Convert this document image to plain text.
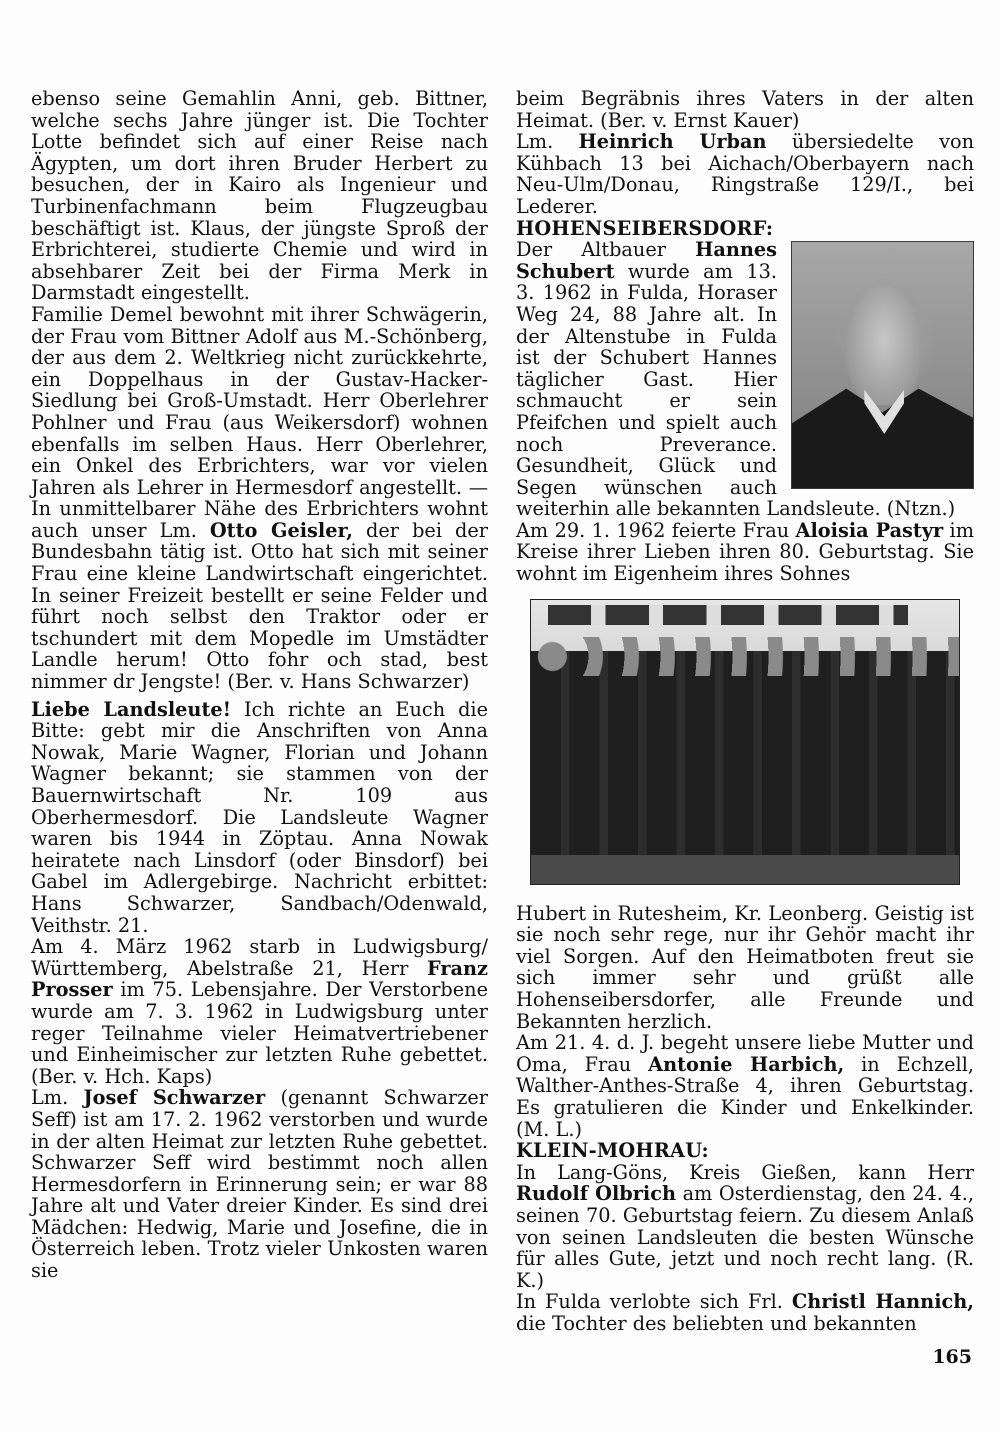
ebenso seine Gemahlin Anni, geb. Bittner, welche sechs Jahre jünger ist. Die Tochter Lotte befindet sich auf einer Reise nach Ägypten, um dort ihren Bruder Herbert zu besuchen, der in Kairo als Ingenieur und Turbinenfachmann beim Flugzeugbau beschäftigt ist. Klaus, der jüngste Sproß der Erbrichterei, studierte Chemie und wird in absehbarer Zeit bei der Firma Merk in Darmstadt eingestellt.

Familie Demel bewohnt mit ihrer Schwägerin, der Frau vom Bittner Adolf aus M.-Schönberg, der aus dem 2. Weltkrieg nicht zurückkehrte, ein Doppelhaus in der Gustav-Hacker-Siedlung bei Groß-Umstadt. Herr Oberlehrer Pohlner und Frau (aus Weikersdorf) wohnen ebenfalls im selben Haus. Herr Oberlehrer, ein Onkel des Erbrichters, war vor vielen Jahren als Lehrer in Hermesdorf angestellt. — In unmittelbarer Nähe des Erbrichters wohnt auch unser Lm. Otto Geisler, der bei der Bundesbahn tätig ist. Otto hat sich mit seiner Frau eine kleine Landwirtschaft eingerichtet. In seiner Freizeit bestellt er seine Felder und führt noch selbst den Traktor oder er tschundert mit dem Mopedle im Umstädter Landle herum! Otto fohr och stad, best nimmer dr Jengste! (Ber. v. Hans Schwarzer)

Liebe Landsleute! Ich richte an Euch die Bitte: gebt mir die Anschriften von Anna Nowak, Marie Wagner, Florian und Johann Wagner bekannt; sie stammen von der Bauernwirtschaft Nr. 109 aus Oberhermesdorf. Die Landsleute Wagner waren bis 1944 in Zöptau. Anna Nowak heiratete nach Linsdorf (oder Binsdorf) bei Gabel im Adlergebirge. Nachricht erbittet: Hans Schwarzer, Sandbach/Odenwald, Veithstr. 21.

Am 4. März 1962 starb in Ludwigsburg/ Württemberg, Abelstraße 21, Herr Franz Prosser im 75. Lebensjahre. Der Verstorbene wurde am 7. 3. 1962 in Ludwigsburg unter reger Teilnahme vieler Heimatvertriebener und Einheimischer zur letzten Ruhe gebettet. (Ber. v. Hch. Kaps)

Lm. Josef Schwarzer (genannt Schwarzer Seff) ist am 17. 2. 1962 verstorben und wurde in der alten Heimat zur letzten Ruhe gebettet. Schwarzer Seff wird bestimmt noch allen Hermesdorfern in Erinnerung sein; er war 88 Jahre alt und Vater dreier Kinder. Es sind drei Mädchen: Hedwig, Marie und Josefine, die in Österreich leben. Trotz vieler Unkosten waren sie

beim Begräbnis ihres Vaters in der alten Heimat. (Ber. v. Ernst Kauer)

Lm. Heinrich Urban übersiedelte von Kühbach 13 bei Aichach/Oberbayern nach Neu-Ulm/Donau, Ringstraße 129/I., bei Lederer.

HOHENSEIBERSDORF:

Der Altbauer Hannes Schubert wurde am 13. 3. 1962 in Fulda, Horaser Weg 24, 88 Jahre alt. In der Altenstube in Fulda ist der Schubert Hannes täglicher Gast. Hier schmaucht er sein Pfeifchen und spielt auch noch Preverance. Gesundheit, Glück und Segen wünschen auch weiterhin alle bekannten Landsleute. (Ntzn.)

Am 29. 1. 1962 feierte Frau Aloisia Pastyr im Kreise ihrer Lieben ihren 80. Geburtstag. Sie wohnt im Eigenheim ihres Sohnes

Hubert in Rutesheim, Kr. Leonberg. Geistig ist sie noch sehr rege, nur ihr Gehör macht ihr viel Sorgen. Auf den Heimatboten freut sie sich immer sehr und grüßt alle Hohenseibersdorfer, alle Freunde und Bekannten herzlich.

Am 21. 4. d. J. begeht unsere liebe Mutter und Oma, Frau Antonie Harbich, in Echzell, Walther-Anthes-Straße 4, ihren Geburtstag. Es gratulieren die Kinder und Enkelkinder. (M. L.)

KLEIN-MOHRAU:

In Lang-Göns, Kreis Gießen, kann Herr Rudolf Olbrich am Osterdienstag, den 24. 4., seinen 70. Geburtstag feiern. Zu diesem Anlaß von seinen Landsleuten die besten Wünsche für alles Gute, jetzt und noch recht lang. (R. K.)

In Fulda verlobte sich Frl. Christl Hannich, die Tochter des beliebten und bekannten

165
